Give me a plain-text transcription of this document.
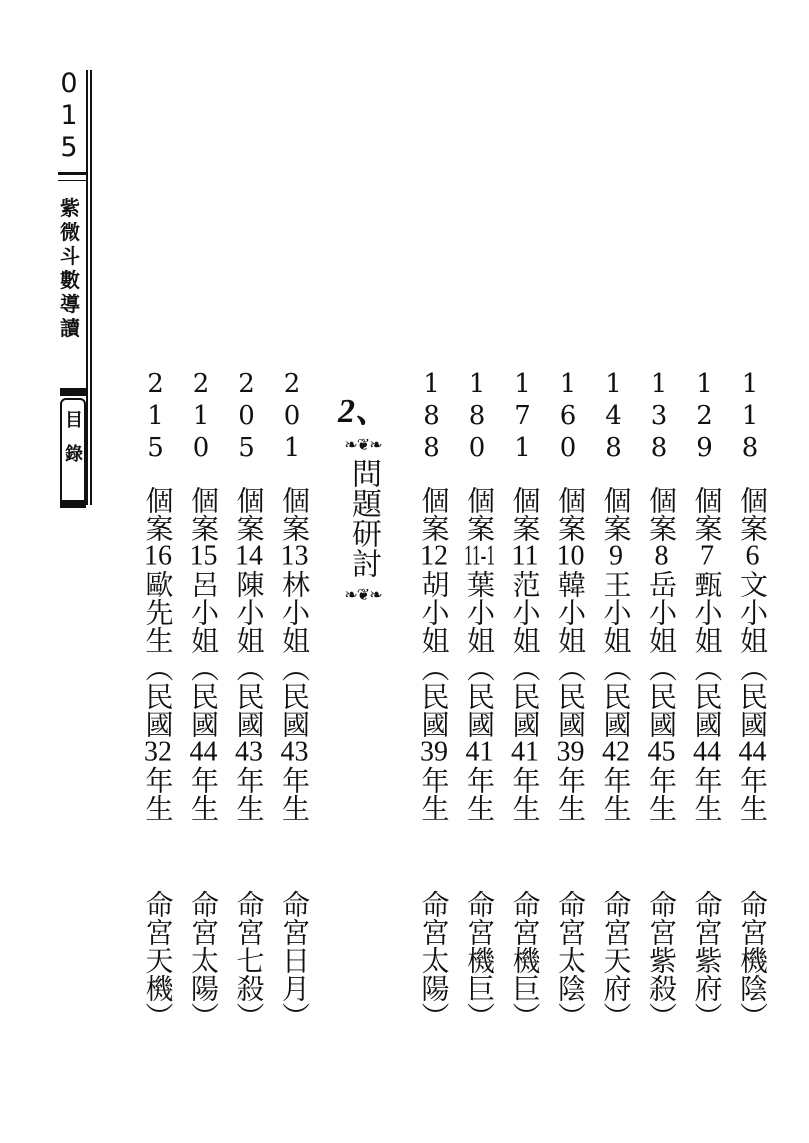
015
紫微斗數導讀
目錄
2、
❧❦❧
問題研討
❧❦❧
118
個案6文小姐（民國44年生
命宮機陰）
129
個案7甄小姐（民國44年生
命宮紫府）
138
個案8岳小姐（民國45年生
命宮紫殺）
148
個案9王小姐（民國42年生
命宮天府）
160
個案10韓小姐（民國39年生
命宮太陰）
171
個案11范小姐（民國41年生
命宮機巨）
180
個案11-1葉小姐（民國41年生
命宮機巨）
188
個案12胡小姐（民國39年生
命宮太陽）
201
個案13林小姐（民國43年生
命宮日月）
205
個案14陳小姐（民國43年生
命宮七殺）
210
個案15呂小姐（民國44年生
命宮太陽）
215
個案16歐先生（民國32年生
命宮天機）
